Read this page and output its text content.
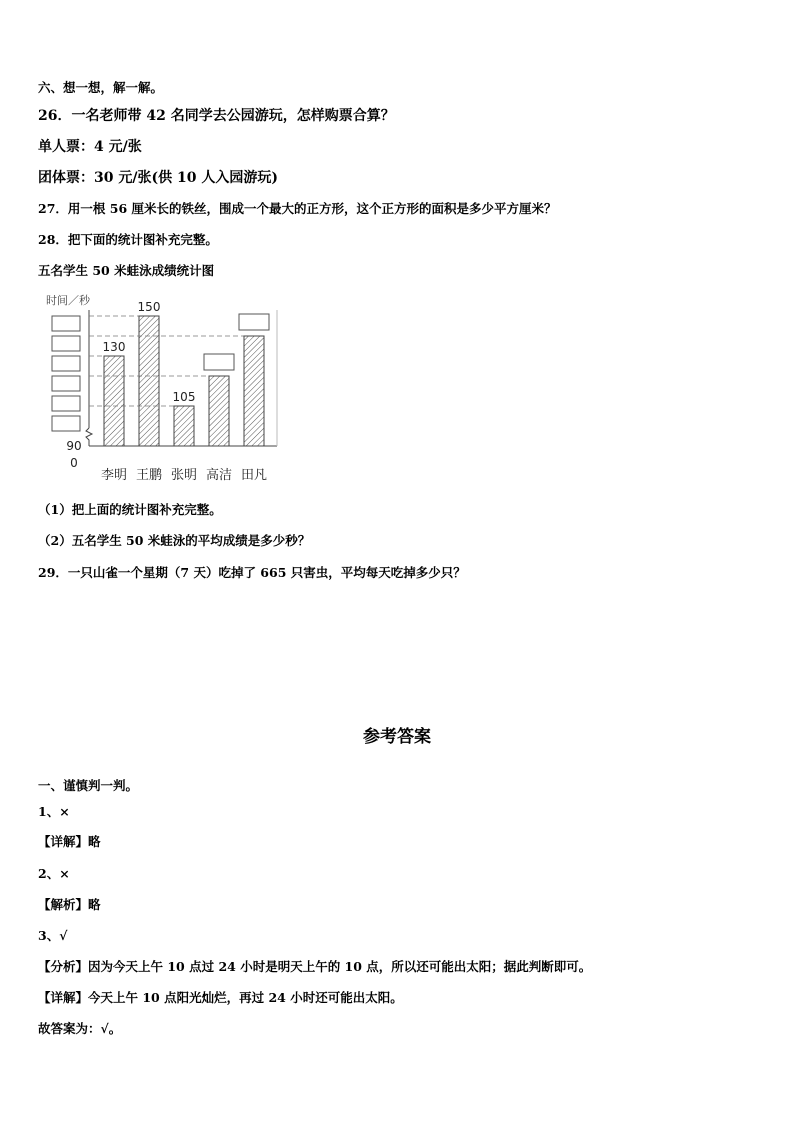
六、想一想，解一解。
26．一名老师带 42 名同学去公园游玩，怎样购票合算？
单人票：4 元/张
团体票：30 元/张(供 10 人入园游玩)
27．用一根 56 厘米长的铁丝，围成一个最大的正方形，这个正方形的面积是多少平方厘米？
28．把下面的统计图补充完整。
五名学生 50 米蛙泳成绩统计图
时间／秒
130
李明
150
王鹏
105
张明 高洁 田凡
90
0
（1）把上面的统计图补充完整。
（2）五名学生 50 米蛙泳的平均成绩是多少秒？
29．一只山雀一个星期（7 天）吃掉了 665 只害虫，平均每天吃掉多少只？
参考答案
一、谨慎判一判。
1、×
【详解】略
2、×
【解析】略
3、√
【分析】因为今天上午 10 点过 24 小时是明天上午的 10 点，所以还可能出太阳；据此判断即可。
【详解】今天上午 10 点阳光灿烂，再过 24 小时还可能出太阳。
故答案为：√。
